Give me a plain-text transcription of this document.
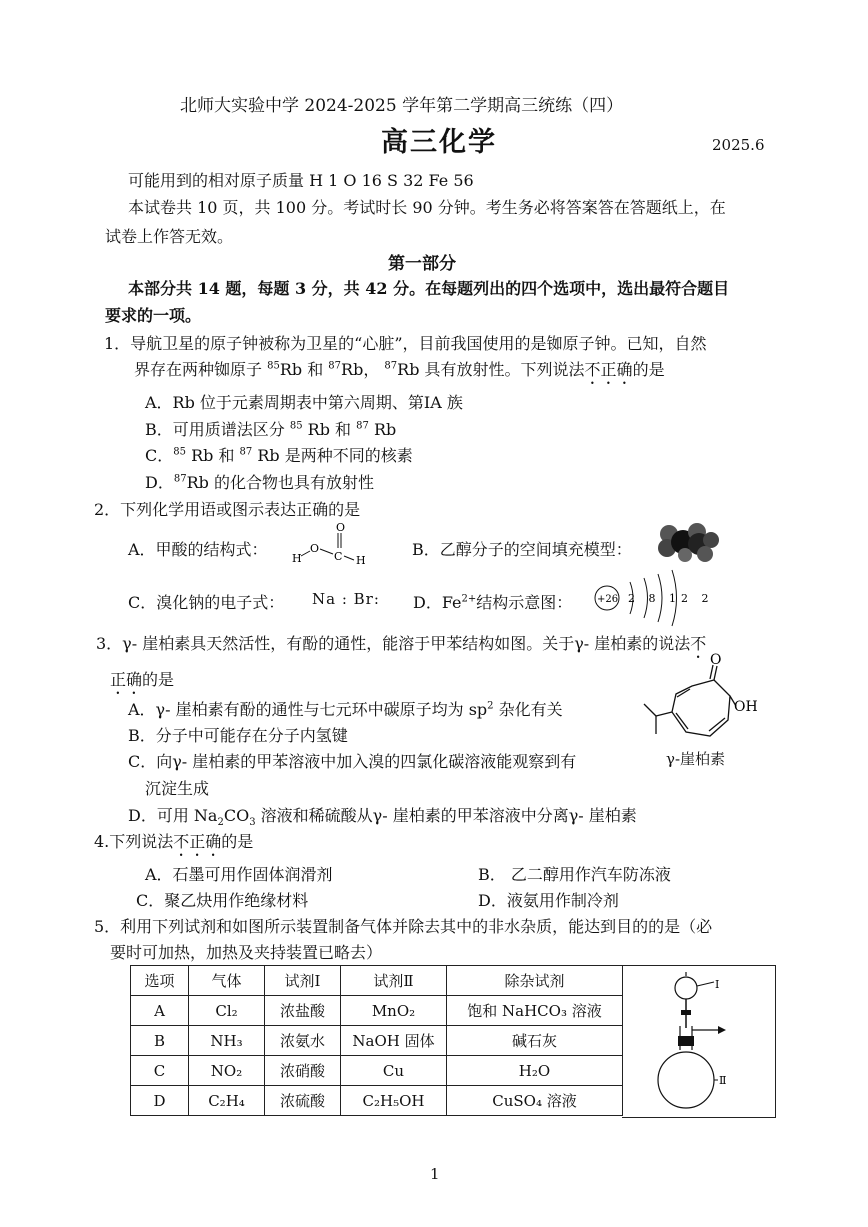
北师大实验中学 2024-2025 学年第二学期高三统练（四）
高三化学	2025.6
可能用到的相对原子质量 H 1 O 16 S 32 Fe 56
本试卷共 10 页，共 100 分。考试时长 90 分钟。考生务必将答案答在答题纸上，在
试卷上作答无效。
第一部分
本部分共 14 题，每题 3 分，共 42 分。在每题列出的四个选项中，选出最符合题目
要求的一项。
1．导航卫星的原子钟被称为卫星的“心脏”，目前我国使用的是铷原子钟。已知，自然
界存在两种铷原子 $^{85}$Rb 和 $^{87}$Rb， $^{87}$Rb 具有放射性。下列说法不正确的是
A．Rb 位于元素周期表中第六周期、第ⅠA 族
B．可用质谱法区分 $^{85}$ Rb 和 $^{87}$ Rb
C．$^{85}$ Rb 和 $^{87}$ Rb 是两种不同的核素
D．$^{87}$Rb 的化合物也具有放射性
2．下列化学用语或图示表达正确的是
A．甲酸的结构式：
O
H
O
C H
B．乙醇分子的空间填充模型：
C．溴化钠的电子式： Na : Br: D．$Fe^{2+}$结构示意图： +26 2 8 12 2
3．γ- 崖柏素具天然活性，有酚的通性，能溶于甲苯结构如图。关于γ- 崖柏素的说法不
正确的是
A．γ- 崖柏素有酚的通性与七元环中碳原子均为 $sp^2$ 杂化有关
B．分子中可能存在分子内氢键
C．向γ- 崖柏素的甲苯溶液中加入溴的四氯化碳溶液能观察到有
沉淀生成
D．可用 $Na_2CO_3$ 溶液和稀硫酸从γ- 崖柏素的甲苯溶液中分离γ- 崖柏素
O
OH
γ-崖柏素
4.下列说法不正确的是
A．石墨可用作固体润滑剂	B． 乙二醇用作汽车防冻液
C．聚乙炔用作绝缘材料	D．液氨用作制冷剂
5．利用下列试剂和如图所示装置制备气体并除去其中的非水杂质，能达到目的的是（必
要时可加热，加热及夹持装置已略去）
选项	气体	试剂Ⅰ	试剂Ⅱ	除杂试剂
A	Cl₂	浓盐酸	MnO₂	饱和 NaHCO₃ 溶液
B	NH₃	浓氨水	NaOH 固体	碱石灰
C	NO₂	浓硝酸	Cu	H₂O
D	C₂H₄	浓硫酸	C₂H₅OH	CuSO₄ 溶液
Ⅰ
Ⅱ
1
